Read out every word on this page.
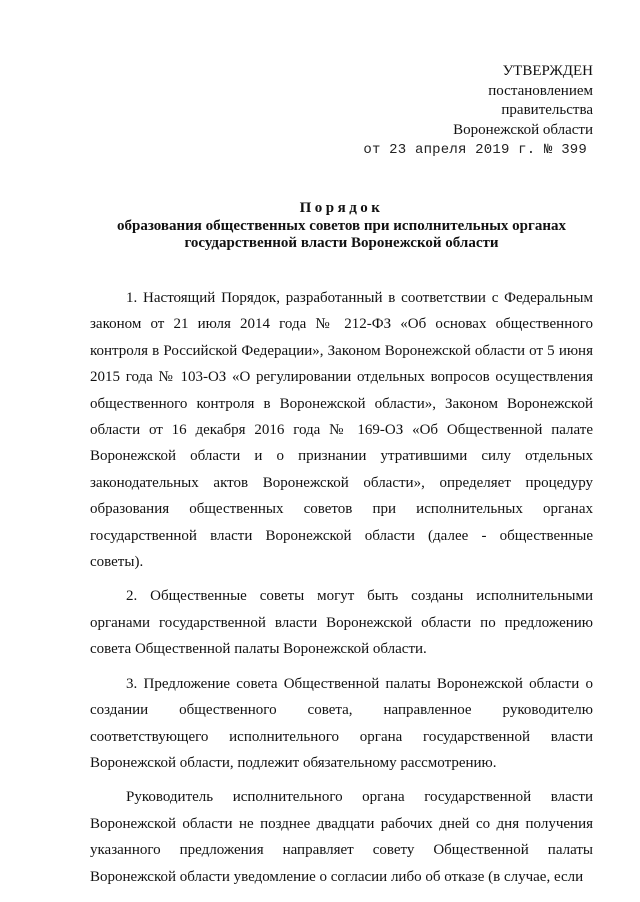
УТВЕРЖДЕН
постановлением
правительства
Воронежской области
от 23 апреля 2019 г. № 399
Порядок
образования общественных советов при исполнительных органах
государственной власти Воронежской области

1. Настоящий Порядок, разработанный в соответствии с Федеральным законом от 21 июля 2014 года № 212-ФЗ «Об основах общественного контроля в Российской Федерации», Законом Воронежской области от 5 июня 2015 года № 103-ОЗ «О регулировании отдельных вопросов осуществления общественного контроля в Воронежской области», Законом Воронежской области от 16 декабря 2016 года № 169-ОЗ «Об Общественной палате Воронежской области и о признании утратившими силу отдельных законодательных актов Воронежской области», определяет процедуру образования общественных советов при исполнительных органах государственной власти Воронежской области (далее - общественные советы).

2. Общественные советы могут быть созданы исполнительными органами государственной власти Воронежской области по предложению совета Общественной палаты Воронежской области.

3. Предложение совета Общественной палаты Воронежской области о создании общественного совета, направленное руководителю соответствующего исполнительного органа государственной власти Воронежской области, подлежит обязательному рассмотрению.

Руководитель исполнительного органа государственной власти Воронежской области не позднее двадцати рабочих дней со дня получения указанного предложения направляет совету Общественной палаты Воронежской области уведомление о согласии либо об отказе (в случае, если
